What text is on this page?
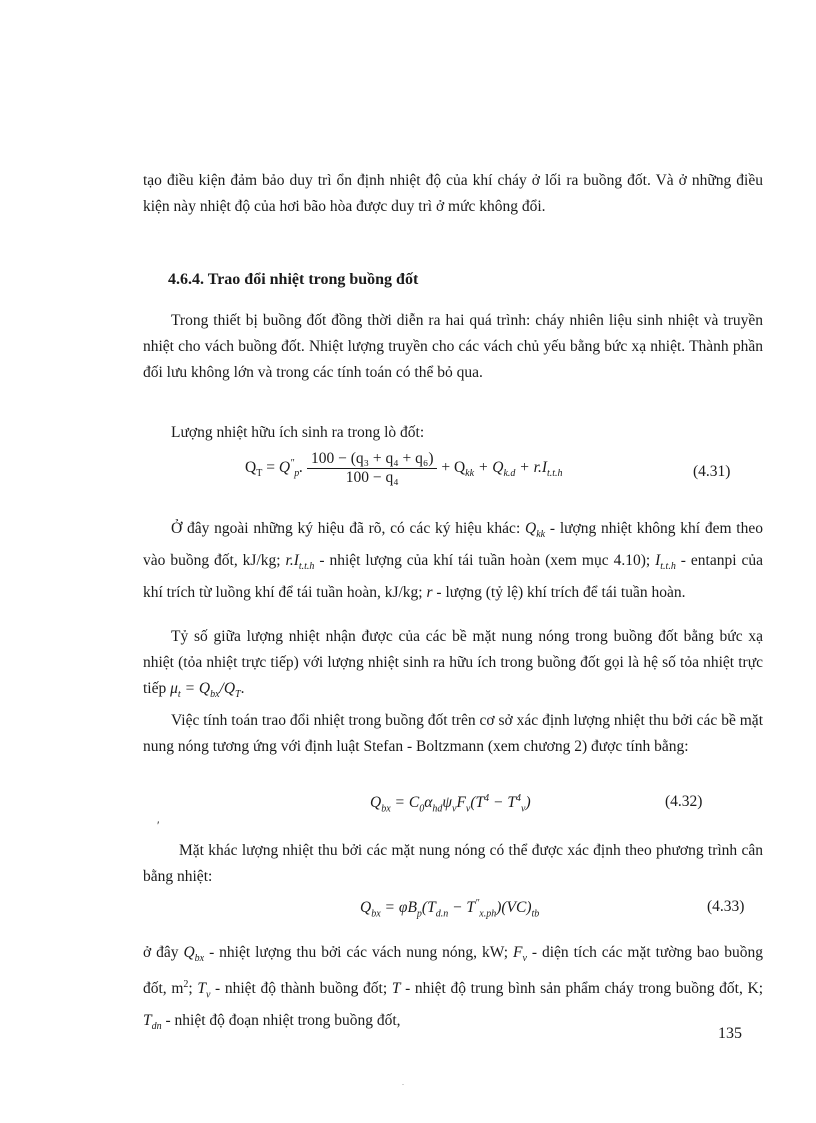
tạo điều kiện đảm bảo duy trì ổn định nhiệt độ của khí cháy ở lối ra buồng đốt. Và ở những điều kiện này nhiệt độ của hơi bão hòa được duy trì ở mức không đổi.

4.6.4. Trao đổi nhiệt trong buồng đốt

Trong thiết bị buồng đốt đồng thời diễn ra hai quá trình: cháy nhiên liệu sinh nhiệt và truyền nhiệt cho vách buồng đốt. Nhiệt lượng truyền cho các vách chủ yếu bằng bức xạ nhiệt. Thành phần đối lưu không lớn và trong các tính toán có thể bỏ qua.

Lượng nhiệt hữu ích sinh ra trong lò đốt:

$Q_T = Q^"_p$. $\frac{\text{100 − (q₃ + q₄ + q₆)}}{\text{100 − q₄}} + Q_{kk} + Q_{k.d} + r.I_{t.t.h}$	(4.31)

Ở đây ngoài những ký hiệu đã rõ, có các ký hiệu khác: $Q_{kk}$ - lượng nhiệt không khí đem theo vào buồng đốt, kJ/kg; $r.I_{t.t.h}$ - nhiệt lượng của khí tái tuần hoàn (xem mục 4.10); $I_{t.t.h}$ - entanpi của khí trích từ luồng khí để tái tuần hoàn, kJ/kg; r - lượng (tỷ lệ) khí trích để tái tuần hoàn.

Tỷ số giữa lượng nhiệt nhận được của các bề mặt nung nóng trong buồng đốt bằng bức xạ nhiệt (tỏa nhiệt trực tiếp) với lượng nhiệt sinh ra hữu ích trong buồng đốt gọi là hệ số tỏa nhiệt trực tiếp $\mu_t = Q_{bx}/Q_T$.

Việc tính toán trao đổi nhiệt trong buồng đốt trên cơ sở xác định lượng nhiệt thu bởi các bề mặt nung nóng tương ứng với định luật Stefan - Boltzmann (xem chương 2) được tính bằng:

$Q_{bx} = C_0\alpha_{hd}\psi_vF_v(T^4 - T^4_v)$	(4.32)
′

Mặt khác lượng nhiệt thu bởi các mặt nung nóng có thể được xác định theo phương trình cân bằng nhiệt:

$Q_{bx} = \varphi B_p(T_{d.n} - T^"_{x.ph})(VC)_{tb}$	(4.33)

ở đây $Q_{bx}$ - nhiệt lượng thu bởi các vách nung nóng, kW; $F_v$ - diện tích các mặt tường bao buồng đốt, $m^2$; $T_v$ - nhiệt độ thành buồng đốt; T - nhiệt độ trung bình sản phẩm cháy trong buồng đốt, K; $T_{dn}$ - nhiệt độ đoạn nhiệt trong buồng đốt,

135
.
